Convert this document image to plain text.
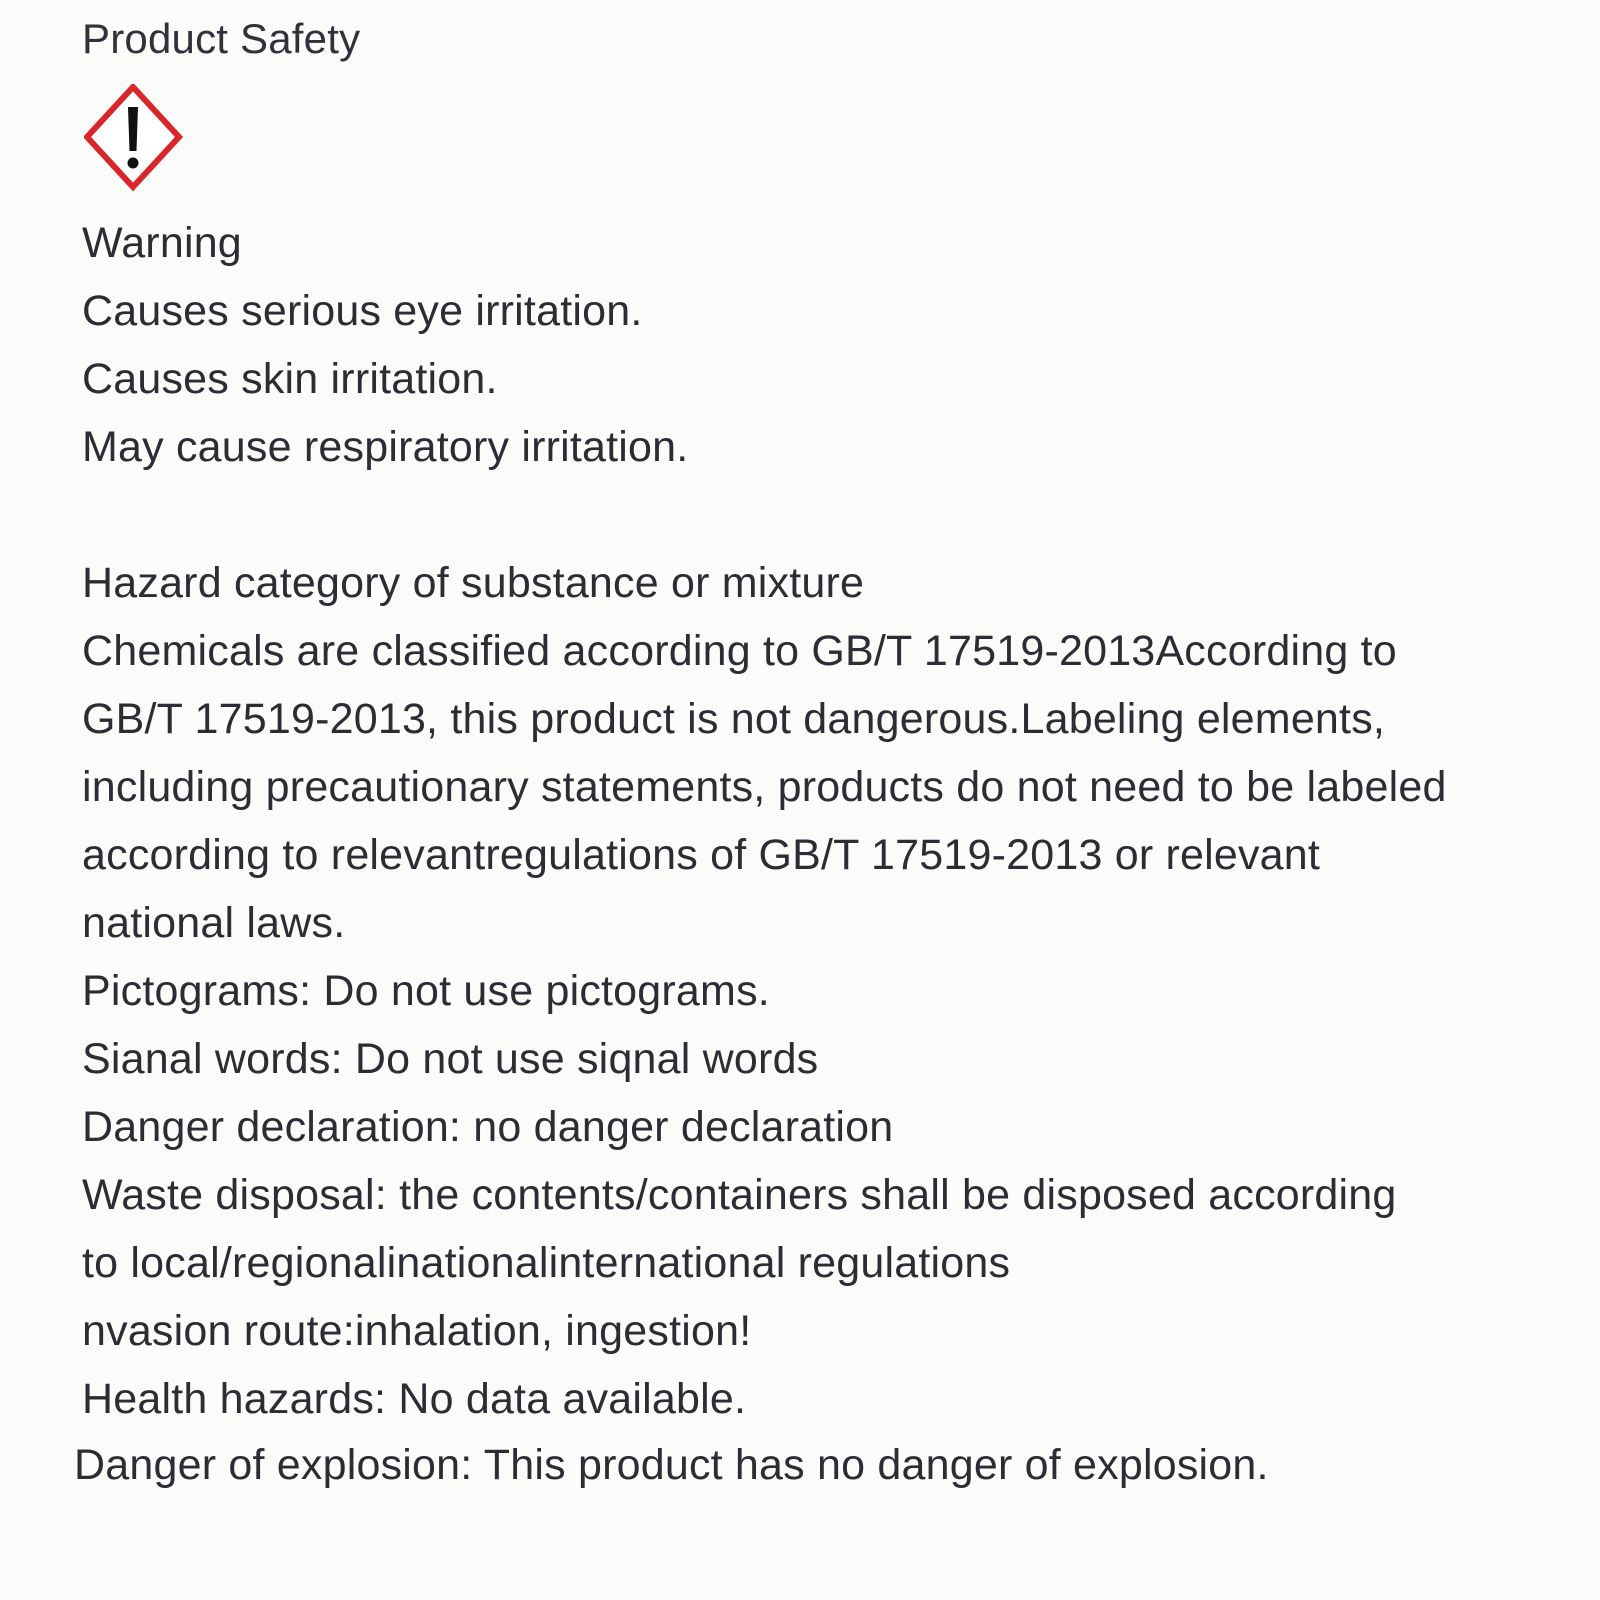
Product Safety
Warning
Causes serious eye irritation.
Causes skin irritation.
May cause respiratory irritation.
Hazard category of substance or mixture
Chemicals are classified according to GB/T 17519-2013According to
GB/T 17519-2013, this product is not dangerous.Labeling elements,
including precautionary statements, products do not need to be labeled
according to relevantregulations of GB/T 17519-2013 or relevant
national laws.
Pictograms: Do not use pictograms.
Sianal words: Do not use siqnal words
Danger declaration: no danger declaration
Waste disposal: the contents/containers shall be disposed according
to local/regionalinationalinternational regulations
nvasion route:inhalation, ingestion!
Health hazards: No data available.
Danger of explosion: This product has no danger of explosion.
